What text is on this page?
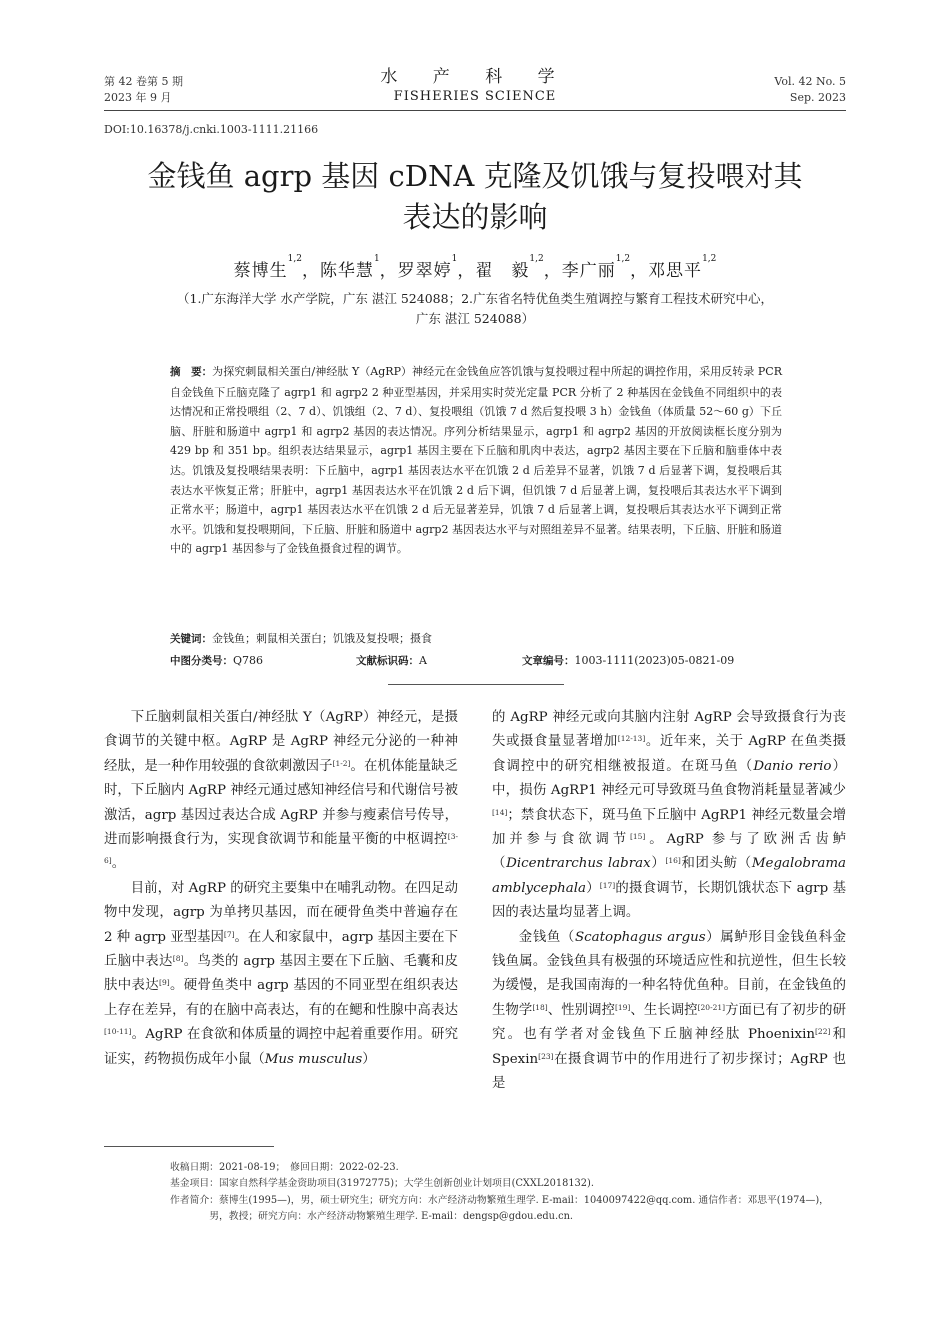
第 42 卷第 5 期
2023 年 9 月
水 产 科 学
FISHERIES SCIENCE
Vol. 42 No. 5
Sep. 2023
DOI:10.16378/j.cnki.1003-1111.21166
金钱鱼 agrp 基因 cDNA 克隆及饥饿与复投喂对其
表达的影响
蔡博生$^{1,2}$，陈华慧$^1$，罗翠婷$^1$，翟　毅$^{1,2}$，李广丽$^{1,2}$，邓思平$^{1,2}$
（1.广东海洋大学 水产学院，广东 湛江 524088；2.广东省名特优鱼类生殖调控与繁育工程技术研究中心，
广东 湛江 524088）
摘　要：为探究刺鼠相关蛋白/神经肽 Y（AgRP）神经元在金钱鱼应答饥饿与复投喂过程中所起的调控作用，采用反转录 PCR 自金钱鱼下丘脑克隆了 agrp1 和 agrp2 2 种亚型基因，并采用实时荧光定量 PCR 分析了 2 种基因在金钱鱼不同组织中的表达情况和正常投喂组（2、7 d）、饥饿组（2、7 d）、复投喂组（饥饿 7 d 然后复投喂 3 h）金钱鱼（体质量 52～60 g）下丘脑、肝脏和肠道中 agrp1 和 agrp2 基因的表达情况。序列分析结果显示，agrp1 和 agrp2 基因的开放阅读框长度分别为 429 bp 和 351 bp。组织表达结果显示，agrp1 基因主要在下丘脑和肌肉中表达，agrp2 基因主要在下丘脑和脑垂体中表达。饥饿及复投喂结果表明：下丘脑中，agrp1 基因表达水平在饥饿 2 d 后差异不显著，饥饿 7 d 后显著下调，复投喂后其表达水平恢复正常；肝脏中，agrp1 基因表达水平在饥饿 2 d 后下调，但饥饿 7 d 后显著上调，复投喂后其表达水平下调到正常水平；肠道中，agrp1 基因表达水平在饥饿 2 d 后无显著差异，饥饿 7 d 后显著上调，复投喂后其表达水平下调到正常水平。饥饿和复投喂期间，下丘脑、肝脏和肠道中 agrp2 基因表达水平与对照组差异不显著。结果表明，下丘脑、肝脏和肠道中的 agrp1 基因参与了金钱鱼摄食过程的调节。
关键词：金钱鱼；刺鼠相关蛋白；饥饿及复投喂；摄食
中图分类号：Q786	文献标识码：A	文章编号：1003-1111(2023)05-0821-09

下丘脑刺鼠相关蛋白/神经肽 Y（AgRP）神经元，是摄食调节的关键中枢。AgRP 是 AgRP 神经元分泌的一种神经肽，是一种作用较强的食欲刺激因子[1-2]。在机体能量缺乏时，下丘脑内 AgRP 神经元通过感知神经信号和代谢信号被激活，agrp 基因过表达合成 AgRP 并参与瘦素信号传导，进而影响摄食行为，实现食欲调节和能量平衡的中枢调控[3-6]。

目前，对 AgRP 的研究主要集中在哺乳动物。在四足动物中发现，agrp 为单拷贝基因，而在硬骨鱼类中普遍存在 2 种 agrp 亚型基因[7]。在人和家鼠中，agrp 基因主要在下丘脑中表达[8]。鸟类的 agrp 基因主要在下丘脑、毛囊和皮肤中表达[9]。硬骨鱼类中 agrp 基因的不同亚型在组织表达上存在差异，有的在脑中高表达，有的在鳃和性腺中高表达[10-11]。AgRP 在食欲和体质量的调控中起着重要作用。研究证实，药物损伤成年小鼠（Mus musculus）

的 AgRP 神经元或向其脑内注射 AgRP 会导致摄食行为丧失或摄食量显著增加[12-13]。近年来，关于 AgRP 在鱼类摄食调控中的研究相继被报道。在斑马鱼（Danio rerio）中，损伤 AgRP1 神经元可导致斑马鱼食物消耗量显著减少[14]；禁食状态下，斑马鱼下丘脑中 AgRP1 神经元数量会增加并参与食欲调节[15]。AgRP 参与了欧洲舌齿鲈（Dicentrarchus labrax）[16]和团头鲂（Megalobrama amblycephala）[17]的摄食调节，长期饥饿状态下 agrp 基因的表达量均显著上调。

金钱鱼（Scatophagus argus）属鲈形目金钱鱼科金钱鱼属。金钱鱼具有极强的环境适应性和抗逆性，但生长较为缓慢，是我国南海的一种名特优鱼种。目前，在金钱鱼的生物学[18]、性别调控[19]、生长调控[20-21]方面已有了初步的研究。也有学者对金钱鱼下丘脑神经肽 Phoenixin[22]和 Spexin[23]在摄食调节中的作用进行了初步探讨；AgRP 也是

收稿日期：2021-08-19；　修回日期：2022-02-23.
基金项目：国家自然科学基金资助项目(31972775)；大学生创新创业计划项目(CXXL2018132).
作者简介：蔡博生(1995—)，男，硕士研究生；研究方向：水产经济动物繁殖生理学. E-mail：1040097422@qq.com. 通信作者：邓思平(1974—)，男，教授；研究方向：水产经济动物繁殖生理学. E-mail：dengsp@gdou.edu.cn.
